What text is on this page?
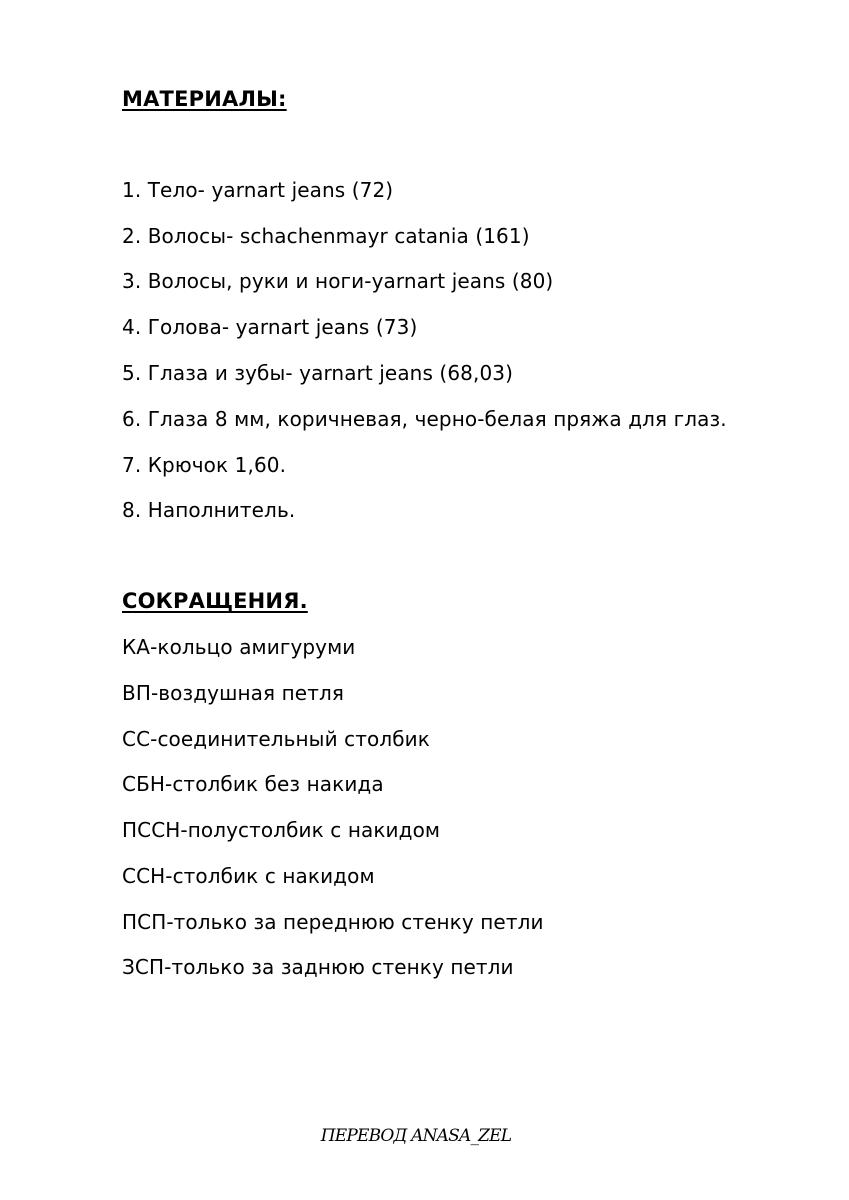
МАТЕРИАЛЫ:
1. Тело- yarnart jeans (72)
2. Волосы- schachenmayr catania (161)
3. Волосы, руки и ноги-yarnart jeans (80)
4. Голова- yarnart jeans (73)
5. Глаза и зубы- yarnart jeans (68,03)
6. Глаза 8 мм, коричневая, черно-белая пряжа для глаз.
7. Крючок 1,60.
8. Наполнитель.
СОКРАЩЕНИЯ.
КА-кольцо амигуруми
ВП-воздушная петля
СС-соединительный столбик
СБН-столбик без накида
ПССН-полустолбик с накидом
ССН-столбик с накидом
ПСП-только за переднюю стенку петли
ЗСП-только за заднюю стенку петли
ПЕРЕВОД ANASA_ZEL
